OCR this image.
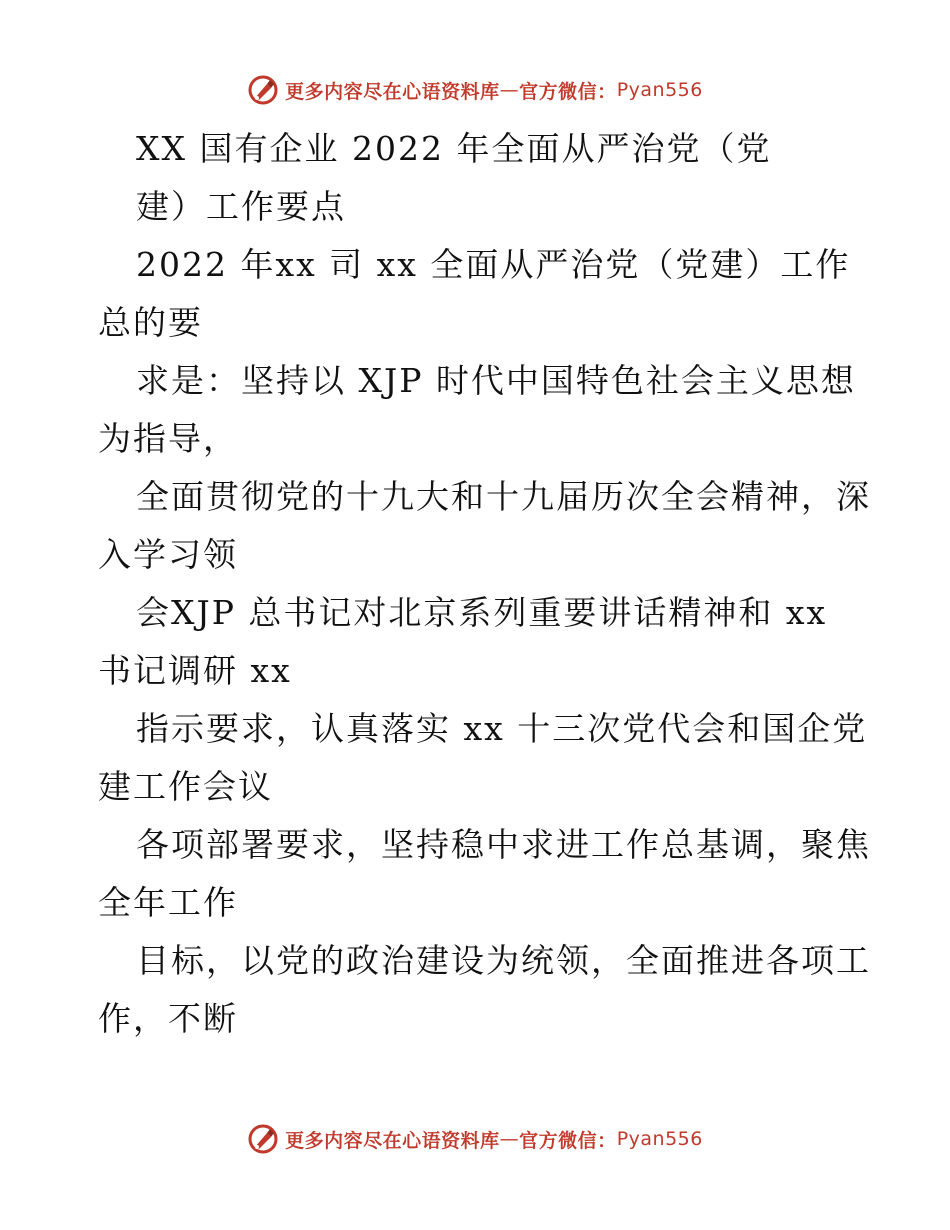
更多内容尽在心语资料库 — 官方微信： Pyan556
XX 国有企业 2022 年全面从严治党（党
建）工作要点
2022 年xx 司 xx 全面从严治党（党建）工作
总的要
求是：坚持以 XJP 时代中国特色社会主义思想
为指导，
全面贯彻党的十九大和十九届历次全会精神，深
入学习领
会XJP 总书记对北京系列重要讲话精神和 xx
书记调研 xx
指示要求，认真落实 xx 十三次党代会和国企党
建工作会议
各项部署要求，坚持稳中求进工作总基调，聚焦
全年工作
目标，以党的政治建设为统领，全面推进各项工
作，不断
更多内容尽在心语资料库 — 官方微信： Pyan556
